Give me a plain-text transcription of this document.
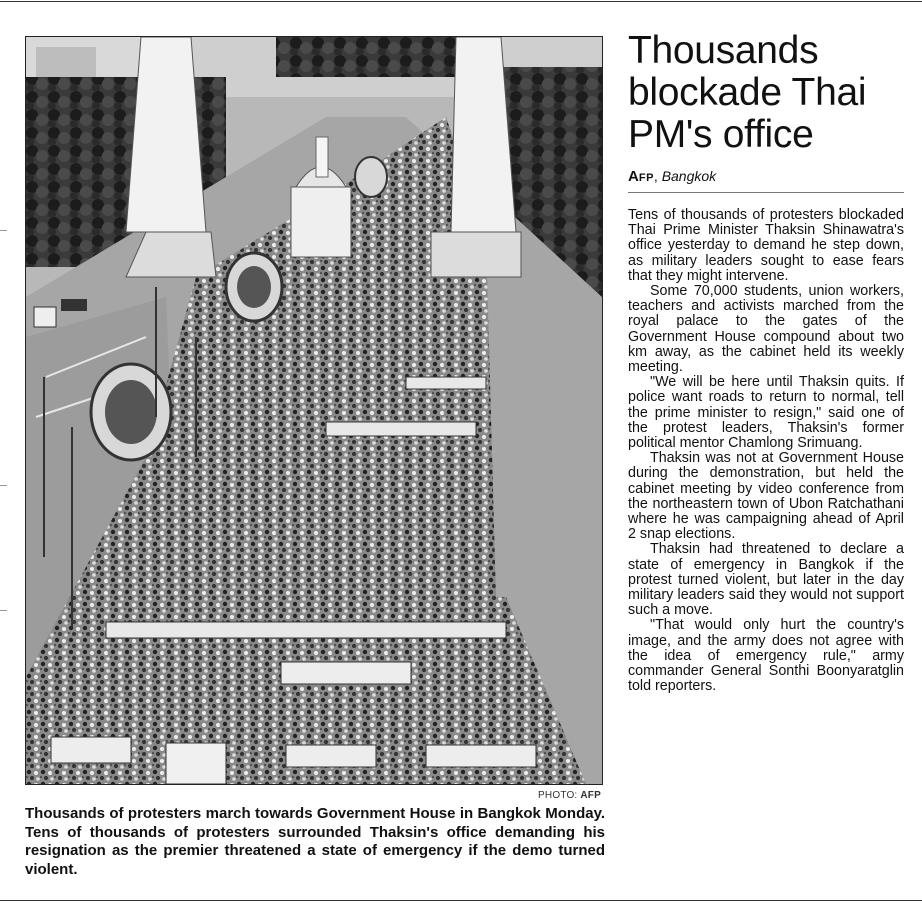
PHOTO: AFP
Thousands of protesters march towards Government House in Bangkok Monday. Tens of thousands of protesters surrounded Thaksin's office demanding his resignation as the premier threatened a state of emergency if the demo turned violent.
Thousands blockade Thai PM's office
AFP, Bangkok

Tens of thousands of protesters blockaded Thai Prime Minister Thaksin Shinawatra's office yesterday to demand he step down, as military leaders sought to ease fears that they might intervene.

Some 70,000 students, union workers, teachers and activists marched from the royal palace to the gates of the Government House compound about two km away, as the cabinet held its weekly meeting.

"We will be here until Thaksin quits. If police want roads to return to normal, tell the prime minister to resign," said one of the protest leaders, Thaksin's former political mentor Chamlong Srimuang.

Thaksin was not at Government House during the demonstration, but held the cabinet meeting by video conference from the northeastern town of Ubon Ratchathani where he was campaigning ahead of April 2 snap elections.

Thaksin had threatened to declare a state of emergency in Bangkok if the protest turned violent, but later in the day military leaders said they would not support such a move.

"That would only hurt the country's image, and the army does not agree with the idea of emergency rule," army commander General Sonthi Boonyaratglin told reporters.
